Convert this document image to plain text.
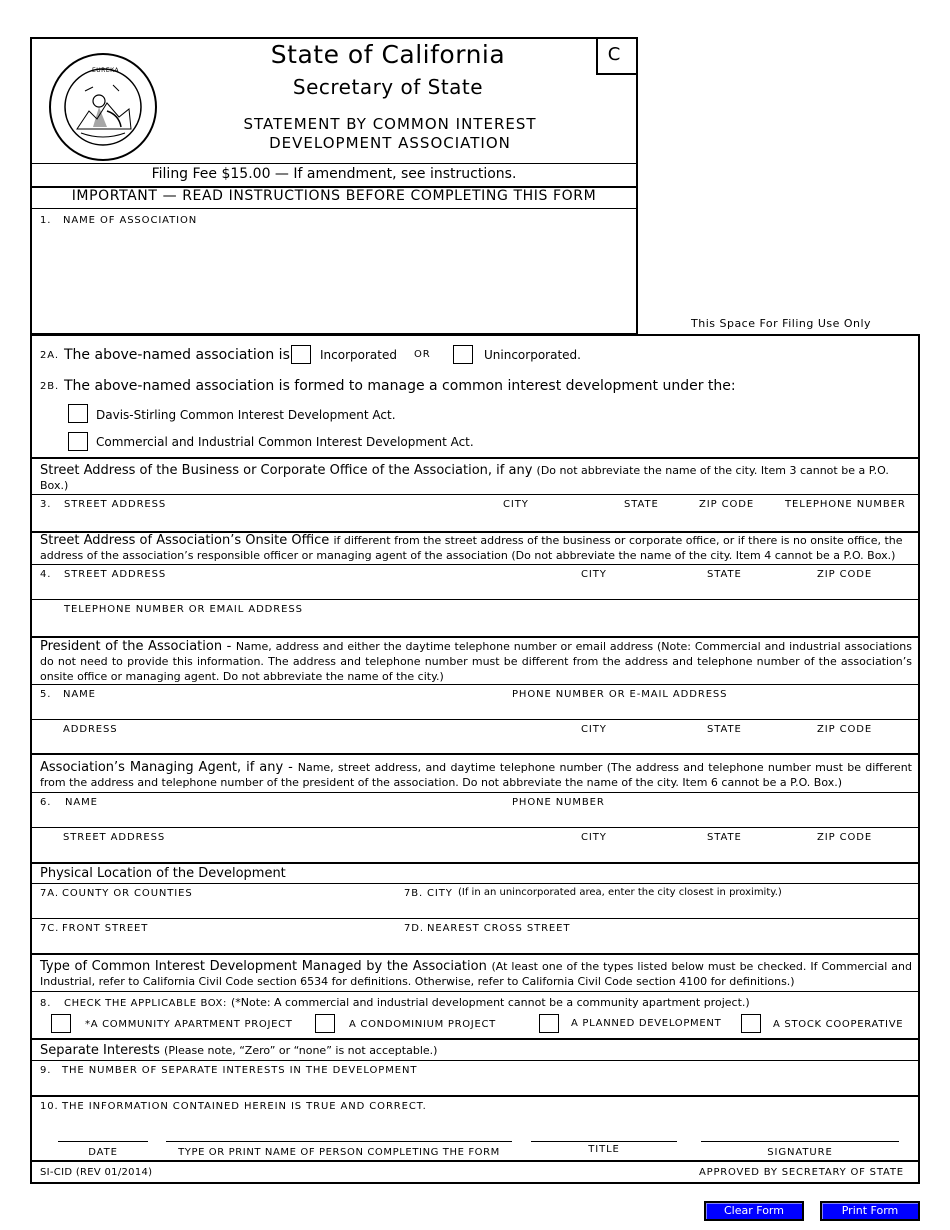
EUREKA
State of California
Secretary of State
STATEMENT BY COMMON INTEREST
DEVELOPMENT ASSOCIATION
C
Filing Fee $15.00 — If amendment, see instructions.
IMPORTANT — READ INSTRUCTIONS BEFORE COMPLETING THIS FORM
1. NAME OF ASSOCIATION
This Space For Filing Use Only
2A. The above-named association is	Incorporated OR	Unincorporated.
2B. The above-named association is formed to manage a common interest development under the:
Davis-Stirling Common Interest Development Act.
Commercial and Industrial Common Interest Development Act.
Street Address of the Business or Corporate Office of the Association, if any (Do not abbreviate the name of the city. Item 3 cannot be a P.O. Box.)
3. STREET ADDRESS	CITY	STATE	ZIP CODE	TELEPHONE NUMBER
Street Address of Association’s Onsite Office if different from the street address of the business or corporate office, or if there is no onsite office, the address of the association’s responsible officer or managing agent of the association (Do not abbreviate the name of the city. Item 4 cannot be a P.O. Box.)
4. STREET ADDRESS	CITY	STATE	ZIP CODE
TELEPHONE NUMBER OR EMAIL ADDRESS
President of the Association - Name, address and either the daytime telephone number or email address (Note: Commercial and industrial associations do not need to provide this information. The address and telephone number must be different from the address and telephone number of the association’s onsite office or managing agent. Do not abbreviate the name of the city.)
5. NAME	PHONE NUMBER OR E-MAIL ADDRESS
ADDRESS	CITY	STATE	ZIP CODE
Association’s Managing Agent, if any - Name, street address, and daytime telephone number (The address and telephone number must be different from the address and telephone number of the president of the association. Do not abbreviate the name of the city. Item 6 cannot be a P.O. Box.)
6. NAME	PHONE NUMBER
STREET ADDRESS	CITY	STATE	ZIP CODE
Physical Location of the Development
7A. COUNTY OR COUNTIES	7B. CITY (If in an unincorporated area, enter the city closest in proximity.)
7C. FRONT STREET	7D. NEAREST CROSS STREET
Type of Common Interest Development Managed by the Association (At least one of the types listed below must be checked. If Commercial and Industrial, refer to California Civil Code section 6534 for definitions. Otherwise, refer to California Civil Code section 4100 for definitions.)
8. CHECK THE APPLICABLE BOX: (*Note: A commercial and industrial development cannot be a community apartment project.)
*A COMMUNITY APARTMENT PROJECT	A CONDOMINIUM PROJECT	A PLANNED DEVELOPMENT	A STOCK COOPERATIVE
Separate Interests (Please note, “Zero” or “none” is not acceptable.)
9. THE NUMBER OF SEPARATE INTERESTS IN THE DEVELOPMENT
10. THE INFORMATION CONTAINED HEREIN IS TRUE AND CORRECT.
DATE	TYPE OR PRINT NAME OF PERSON COMPLETING THE FORM	TITLE	SIGNATURE
SI-CID (REV 01/2014)	APPROVED BY SECRETARY OF STATE
Clear Form	Print Form
